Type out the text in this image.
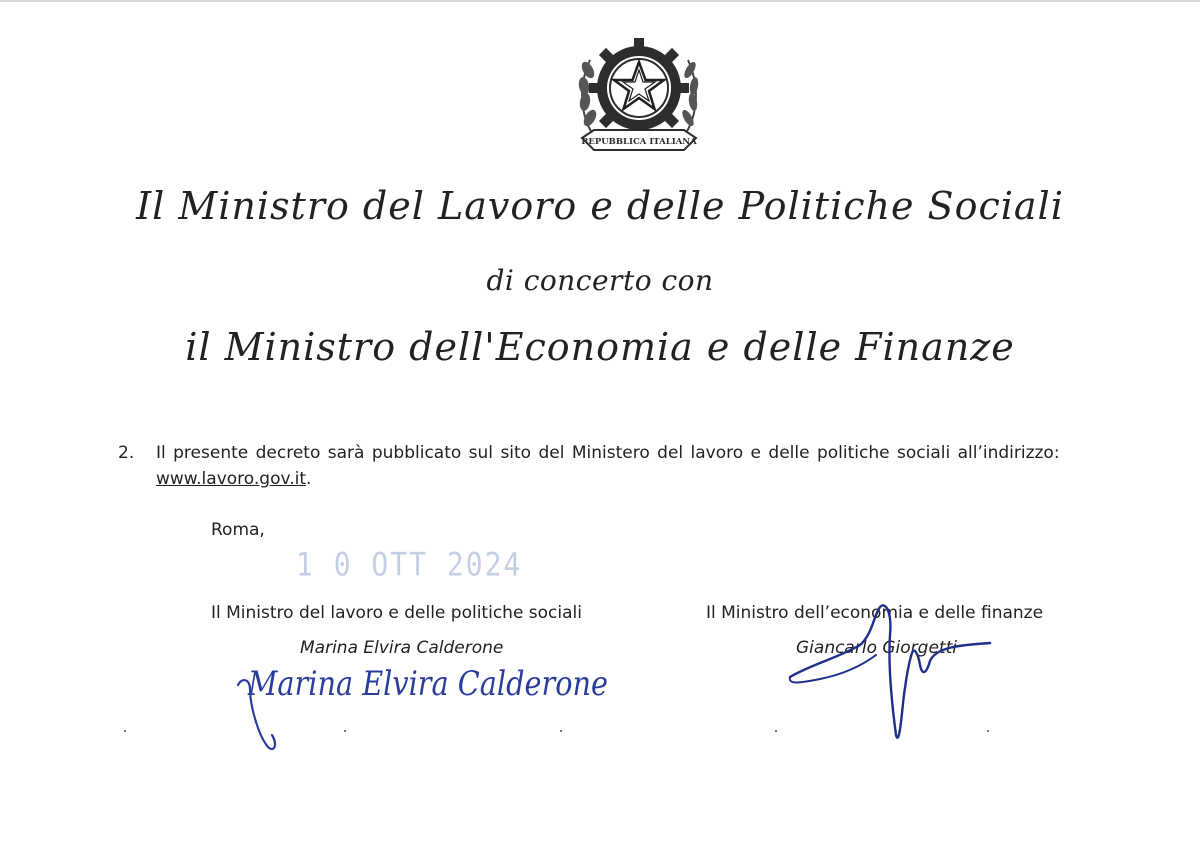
REPUBBLICA ITALIANA
Il Ministro del Lavoro e delle Politiche Sociali
di concerto con
il Ministro dell'Economia e delle Finanze
2. Il presente decreto sarà pubblicato sul sito del Ministero del lavoro e delle politiche sociali all’indirizzo:
www.lavoro.gov.it.
Roma,
1 0 OTT 2024
Il Ministro del lavoro e delle politiche sociali
Marina Elvira Calderone
Il Ministro dell’economia e delle finanze
Giancarlo Giorgetti
Marina Elvira Calderone
